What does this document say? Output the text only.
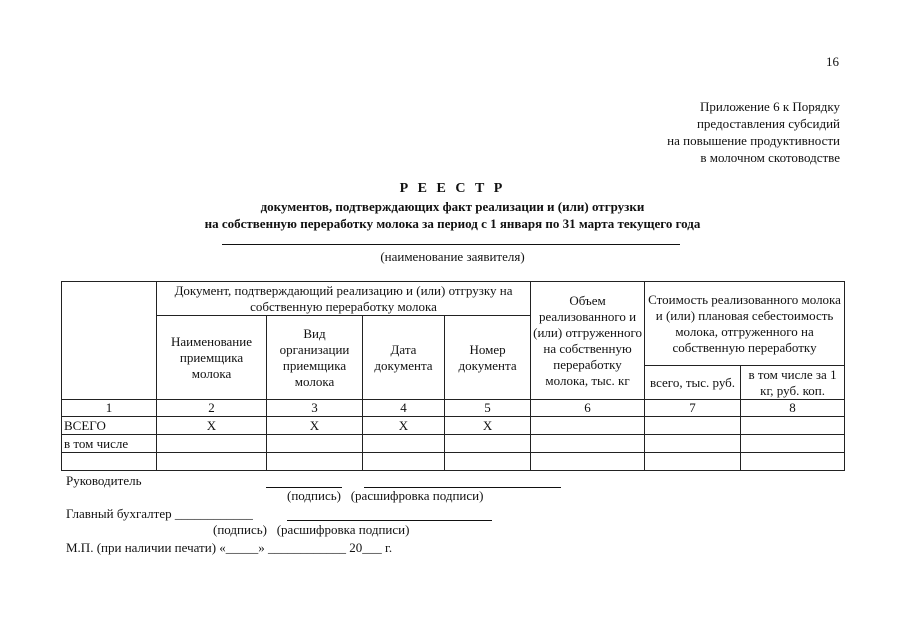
16
Приложение 6 к Порядку
предоставления субсидий
на повышение продуктивности
в молочном скотоводстве
Р Е Е С Т Р
документов, подтверждающих факт реализации и (или) отгрузки
на собственную переработку молока за период с 1 января по 31 марта текущего года
(наименование заявителя)
	Документ, подтверждающий реализацию и (или) отгрузку на собственную переработку молока				Объем реализованного и (или) отгруженного на собственную переработку молока, тыс. кг	Стоимость реализованного молока и (или) плановая себестоимость молока, отгруженного на собственную переработку	
	Наименование приемщика молока	Вид организации приемщика молока	Дата документа	Номер документа			
						всего, тыс. руб.	в том числе за 1 кг, руб. коп.
1	2	3	4	5	6	7	8
ВСЕГО	X	X	X	X			
в том числе							

Руководитель
(подпись)   (расшифровка подписи)
Главный бухгалтер ____________
(подпись)   (расшифровка подписи)
М.П. (при наличии печати) «_____» ____________ 20___ г.
